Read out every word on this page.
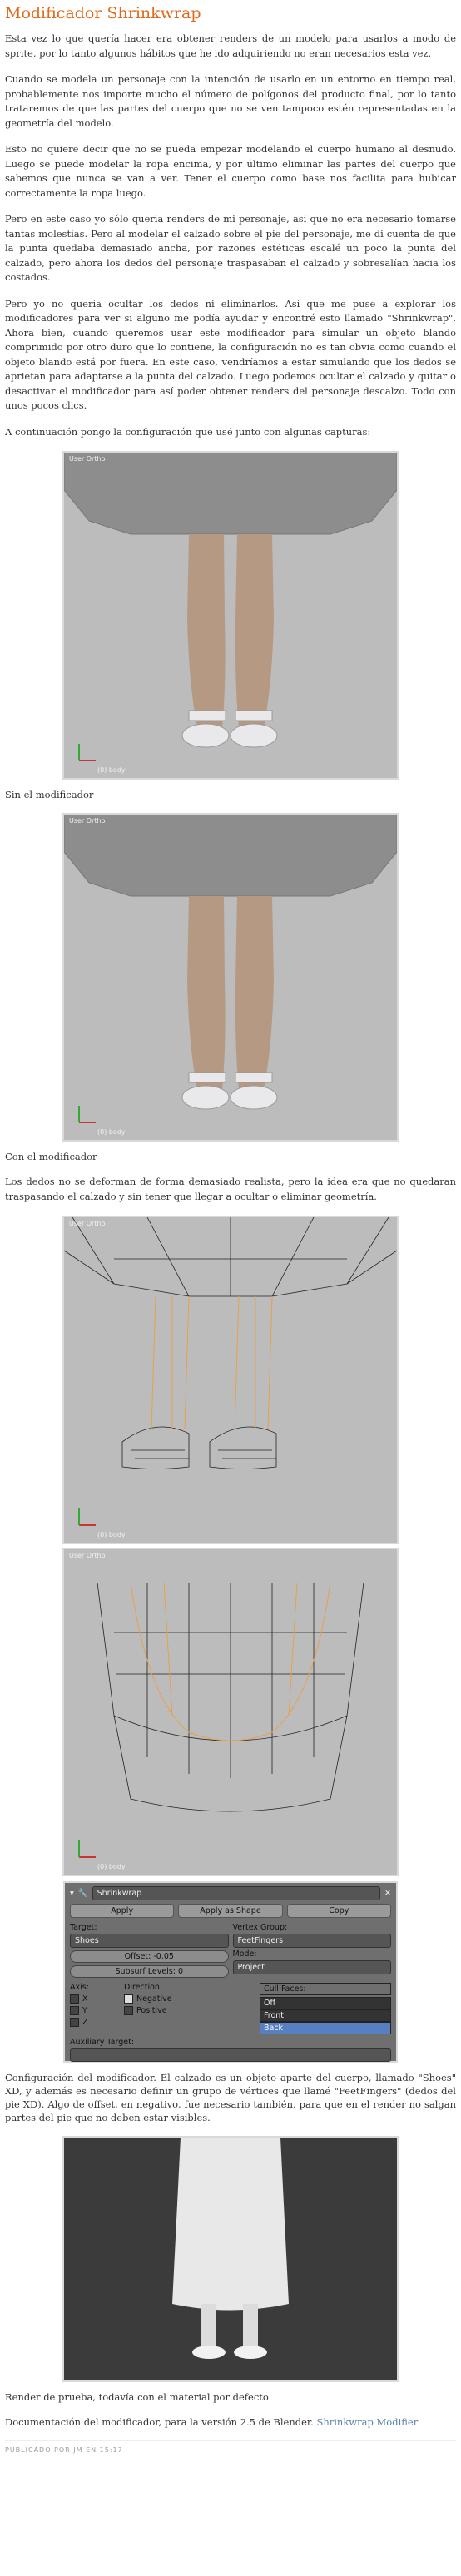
Modificador Shrinkwrap

Esta vez lo que quería hacer era obtener renders de un modelo para usarlos a modo de sprite, por lo tanto algunos hábitos que he ido adquiriendo no eran necesarios esta vez.

Cuando se modela un personaje con la intención de usarlo en un entorno en tiempo real, probablemente nos importe mucho el número de polígonos del producto final, por lo tanto trataremos de que las partes del cuerpo que no se ven tampoco estén representadas en la geometría del modelo.

Esto no quiere decir que no se pueda empezar modelando el cuerpo humano al desnudo. Luego se puede modelar la ropa encima, y por último eliminar las partes del cuerpo que sabemos que nunca se van a ver. Tener el cuerpo como base nos facilita para hubicar correctamente la ropa luego.

Pero en este caso yo sólo quería renders de mi personaje, así que no era necesario tomarse tantas molestias. Pero al modelar el calzado sobre el pie del personaje, me di cuenta de que la punta quedaba demasiado ancha, por razones estéticas escalé un poco la punta del calzado, pero ahora los dedos del personaje traspasaban el calzado y sobresalían hacia los costados.

Pero yo no quería ocultar los dedos ni eliminarlos. Así que me puse a explorar los modificadores para ver si alguno me podía ayudar y encontré esto llamado "Shrinkwrap". Ahora bien, cuando queremos usar este modificador para simular un objeto blando comprimido por otro duro que lo contiene, la configuración no es tan obvia como cuando el objeto blando está por fuera. En este caso, vendríamos a estar simulando que los dedos se aprietan para adaptarse a la punta del calzado. Luego podemos ocultar el calzado y quitar o desactivar el modificador para así poder obtener renders del personaje descalzo. Todo con unos pocos clics.

A continuación pongo la configuración que usé junto con algunas capturas:

User Ortho
(0) body
Sin el modificador
User Ortho
(0) body
Con el modificador

Los dedos no se deforman de forma demasiado realista, pero la idea era que no quedaran traspasando el calzado y sin tener que llegar a ocultar o eliminar geometría.

User Ortho
(0) body
User Ortho
(0) body
▾ 🔧	Shrinkwrap	✕
Apply	Apply as Shape	Copy
Target:
Shoes
Offset: -0.05
Subsurf Levels: 0
Vertex Group:
FeetFingers
Mode:
Project
Axis:
X
Y
Z
Direction:
Negative
Positive
Cull Faces:
Off
Front
Back
Auxiliary Target:
Configuración del modificador. El calzado es un objeto aparte del cuerpo, llamado "Shoes" XD, y además es necesario definir un grupo de vértices que llamé "FeetFingers" (dedos del pie XD). Algo de offset, en negativo, fue necesario también, para que en el render no salgan partes del pie que no deben estar visibles.
Render de prueba, todavía con el material por defecto
Documentación del modificador, para la versión 2.5 de Blender. Shrinkwrap Modifier
PUBLICADO POR JM EN 15:17
